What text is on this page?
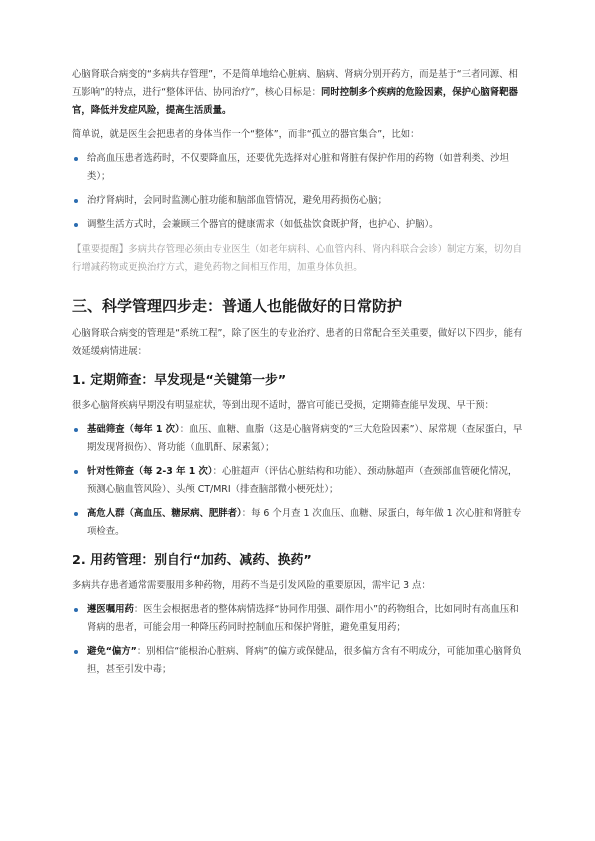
心脑肾联合病变的“多病共存管理”，不是简单地给心脏病、脑病、肾病分别开药方，而是基于“三者同源、相互影响”的特点，进行“整体评估、协同治疗”，核心目标是：同时控制多个疾病的危险因素，保护心脑肾靶器官，降低并发症风险，提高生活质量。

简单说，就是医生会把患者的身体当作一个“整体”，而非“孤立的器官集合”，比如：

给高血压患者选药时，不仅要降血压，还要优先选择对心脏和肾脏有保护作用的药物（如普利类、沙坦类）；
治疗肾病时，会同时监测心脏功能和脑部血管情况，避免用药损伤心脑；
调整生活方式时，会兼顾三个器官的健康需求（如低盐饮食既护肾，也护心、护脑）。

【重要提醒】多病共存管理必须由专业医生（如老年病科、心血管内科、肾内科联合会诊）制定方案，切勿自行增减药物或更换治疗方式，避免药物之间相互作用，加重身体负担。

三、科学管理四步走：普通人也能做好的日常防护

心脑肾联合病变的管理是“系统工程”，除了医生的专业治疗、患者的日常配合至关重要，做好以下四步，能有效延缓病情进展：

1. 定期筛查：早发现是“关键第一步”

很多心脑肾疾病早期没有明显症状，等到出现不适时，器官可能已受损，定期筛查能早发现、早干预：

基础筛查（每年 1 次）：血压、血糖、血脂（这是心脑肾病变的“三大危险因素”）、尿常规（查尿蛋白，早期发现肾损伤）、肾功能（血肌酐、尿素氮）；
针对性筛查（每 2-3 年 1 次）：心脏超声（评估心脏结构和功能）、颈动脉超声（查颈部血管硬化情况，预测心脑血管风险）、头颅 CT/MRI（排查脑部微小梗死灶）；
高危人群（高血压、糖尿病、肥胖者）：每 6 个月查 1 次血压、血糖、尿蛋白，每年做 1 次心脏和肾脏专项检查。
2. 用药管理：别自行“加药、减药、换药”

多病共存患者通常需要服用多种药物，用药不当是引发风险的重要原因，需牢记 3 点：

遵医嘱用药：医生会根据患者的整体病情选择“协同作用强、副作用小”的药物组合，比如同时有高血压和肾病的患者，可能会用一种降压药同时控制血压和保护肾脏，避免重复用药；
避免“偏方”：别相信“能根治心脏病、肾病”的偏方或保健品，很多偏方含有不明成分，可能加重心脑肾负担，甚至引发中毒；
